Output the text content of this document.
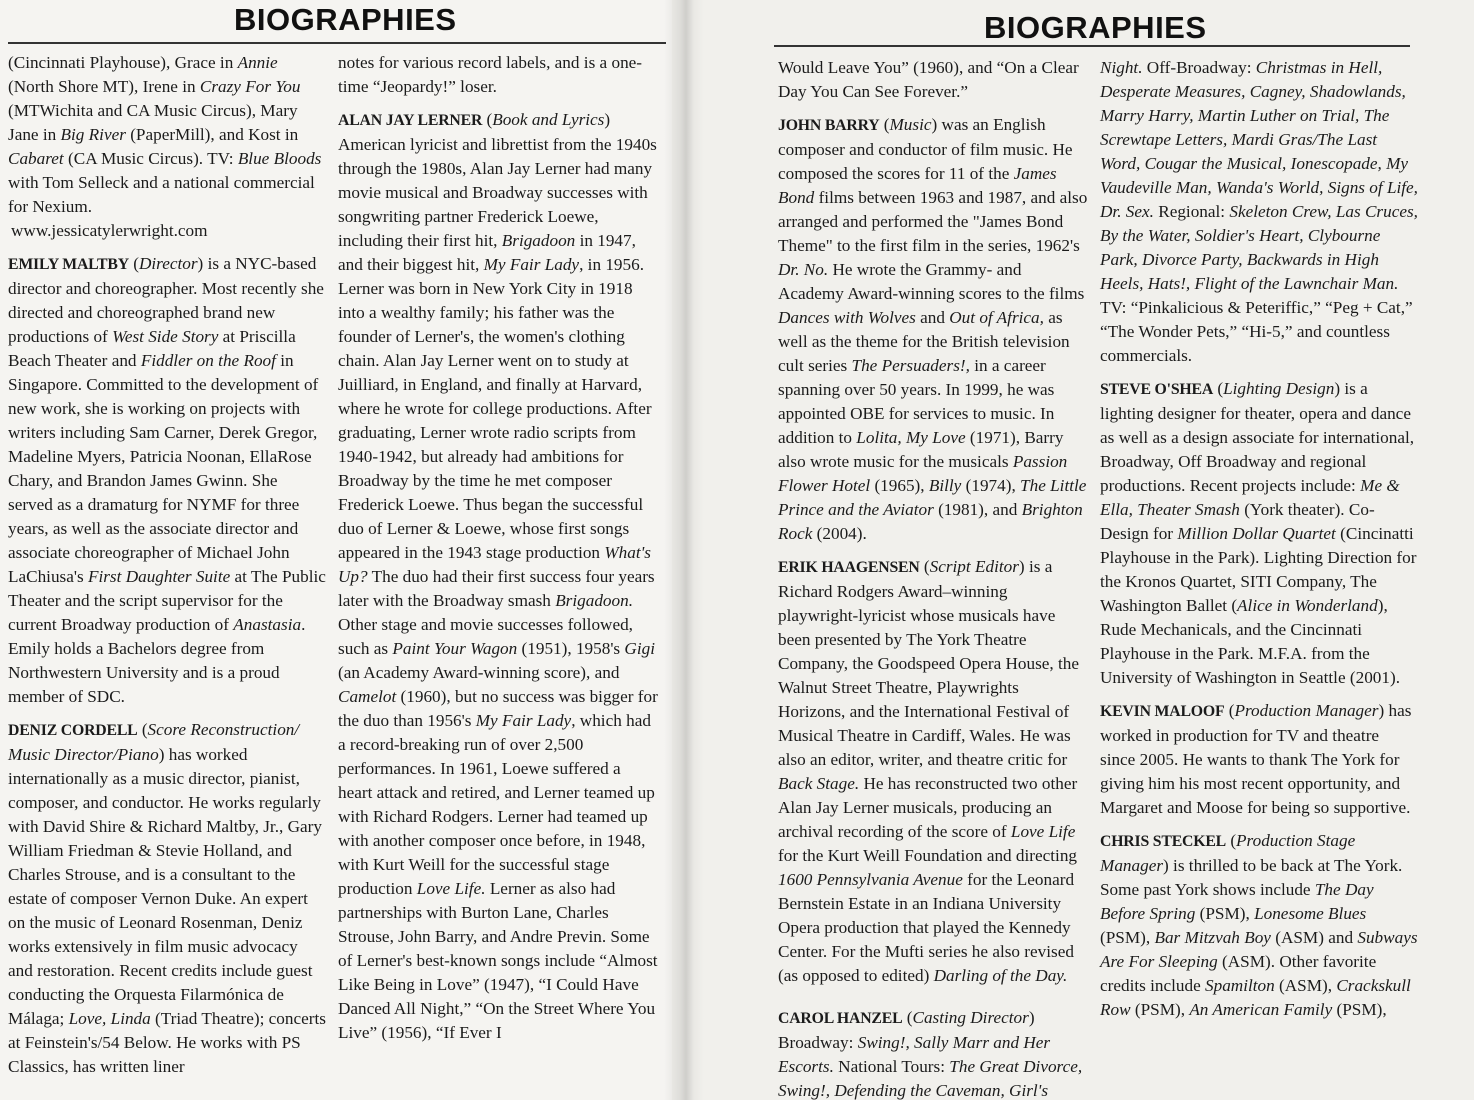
BIOGRAPHIES

(Cincinnati Playhouse), Grace in Annie (North Shore MT), Irene in Crazy For You (MTWichita and CA Music Circus), Mary Jane in Big River (PaperMill), and Kost in Cabaret (CA Music Circus). TV: Blue Bloods with Tom Selleck and a national commercial for Nexium.
www.jessicatylerwright.com

EMILY MALTBY (Director) is a NYC-based director and choreographer. Most recently she directed and choreographed brand new productions of West Side Story at Priscilla Beach Theater and Fiddler on the Roof in Singapore. Committed to the development of new work, she is working on projects with writers including Sam Carner, Derek Gregor, Madeline Myers, Patricia Noonan, EllaRose Chary, and Brandon James Gwinn. She served as a dramaturg for NYMF for three years, as well as the associate director and associate choreographer of Michael John LaChiusa's First Daughter Suite at The Public Theater and the script supervisor for the current Broadway production of Anastasia. Emily holds a Bachelors degree from Northwestern University and is a proud member of SDC.

DENIZ CORDELL (Score Reconstruction/ Music Director/Piano) has worked internationally as a music director, pianist, composer, and conductor. He works regularly with David Shire & Richard Maltby, Jr., Gary William Friedman & Stevie Holland, and Charles Strouse, and is a consultant to the estate of composer Vernon Duke. An expert on the music of Leonard Rosenman, Deniz works extensively in film music advocacy and restoration. Recent credits include guest conducting the Orquesta Filarmónica de Málaga; Love, Linda (Triad Theatre); concerts at Feinstein's/54 Below. He works with PS Classics, has written liner

notes for various record labels, and is a one-time “Jeopardy!” loser.

ALAN JAY LERNER (Book and Lyrics) American lyricist and librettist from the 1940s through the 1980s, Alan Jay Lerner had many movie musical and Broadway successes with songwriting partner Frederick Loewe, including their first hit, Brigadoon in 1947, and their biggest hit, My Fair Lady, in 1956. Lerner was born in New York City in 1918 into a wealthy family; his father was the founder of Lerner's, the women's clothing chain. Alan Jay Lerner went on to study at Juilliard, in England, and finally at Harvard, where he wrote for college productions. After graduating, Lerner wrote radio scripts from 1940-1942, but already had ambitions for Broadway by the time he met composer Frederick Loewe. Thus began the successful duo of Lerner & Loewe, whose first songs appeared in the 1943 stage production What's Up? The duo had their first success four years later with the Broadway smash Brigadoon. Other stage and movie successes followed, such as Paint Your Wagon (1951), 1958's Gigi (an Academy Award-winning score), and Camelot (1960), but no success was bigger for the duo than 1956's My Fair Lady, which had a record-breaking run of over 2,500 performances. In 1961, Loewe suffered a heart attack and retired, and Lerner teamed up with Richard Rodgers. Lerner had teamed up with another composer once before, in 1948, with Kurt Weill for the successful stage production Love Life. Lerner as also had partnerships with Burton Lane, Charles Strouse, John Barry, and Andre Previn. Some of Lerner's best-known songs include “Almost Like Being in Love” (1947), “I Could Have Danced All Night,” “On the Street Where You Live” (1956), “If Ever I

BIOGRAPHIES

Would Leave You” (1960), and “On a Clear Day You Can See Forever.”

JOHN BARRY (Music) was an English composer and conductor of film music. He composed the scores for 11 of the James Bond films between 1963 and 1987, and also arranged and performed the "James Bond Theme" to the first film in the series, 1962's Dr. No. He wrote the Grammy- and Academy Award-winning scores to the films Dances with Wolves and Out of Africa, as well as the theme for the British television cult series The Persuaders!, in a career spanning over 50 years. In 1999, he was appointed OBE for services to music. In addition to Lolita, My Love (1971), Barry also wrote music for the musicals Passion Flower Hotel (1965), Billy (1974), The Little Prince and the Aviator (1981), and Brighton Rock (2004).

ERIK HAAGENSEN (Script Editor) is a Richard Rodgers Award–winning playwright-lyricist whose musicals have been presented by The York Theatre Company, the Goodspeed Opera House, the Walnut Street Theatre, Playwrights Horizons, and the International Festival of Musical Theatre in Cardiff, Wales. He was also an editor, writer, and theatre critic for Back Stage. He has reconstructed two other Alan Jay Lerner musicals, producing an archival recording of the score of Love Life for the Kurt Weill Foundation and directing 1600 Pennsylvania Avenue for the Leonard Bernstein Estate in an Indiana University Opera production that played the Kennedy Center. For the Mufti series he also revised (as opposed to edited) Darling of the Day.

CAROL HANZEL (Casting Director) Broadway: Swing!, Sally Marr and Her Escorts. National Tours: The Great Divorce, Swing!, Defending the Caveman, Girl's

Night. Off-Broadway: Christmas in Hell, Desperate Measures, Cagney, Shadowlands, Marry Harry, Martin Luther on Trial, The Screwtape Letters, Mardi Gras/The Last Word, Cougar the Musical, Ionescopade, My Vaudeville Man, Wanda's World, Signs of Life, Dr. Sex. Regional: Skeleton Crew, Las Cruces, By the Water, Soldier's Heart, Clybourne Park, Divorce Party, Backwards in High Heels, Hats!, Flight of the Lawnchair Man. TV: “Pinkalicious & Peteriffic,” “Peg + Cat,” “The Wonder Pets,” “Hi-5,” and countless commercials.

STEVE O'SHEA (Lighting Design) is a lighting designer for theater, opera and dance as well as a design associate for international, Broadway, Off Broadway and regional productions. Recent projects include: Me & Ella, Theater Smash (York theater). Co-Design for Million Dollar Quartet (Cincinatti Playhouse in the Park). Lighting Direction for the Kronos Quartet, SITI Company, The Washington Ballet (Alice in Wonderland), Rude Mechanicals, and the Cincinnati Playhouse in the Park. M.F.A. from the University of Washington in Seattle (2001).

KEVIN MALOOF (Production Manager) has worked in production for TV and theatre since 2005. He wants to thank The York for giving him his most recent opportunity, and Margaret and Moose for being so supportive.

CHRIS STECKEL (Production Stage Manager) is thrilled to be back at The York. Some past York shows include The Day Before Spring (PSM), Lonesome Blues (PSM), Bar Mitzvah Boy (ASM) and Subways Are For Sleeping (ASM). Other favorite credits include Spamilton (ASM), Crackskull Row (PSM), An American Family (PSM),
